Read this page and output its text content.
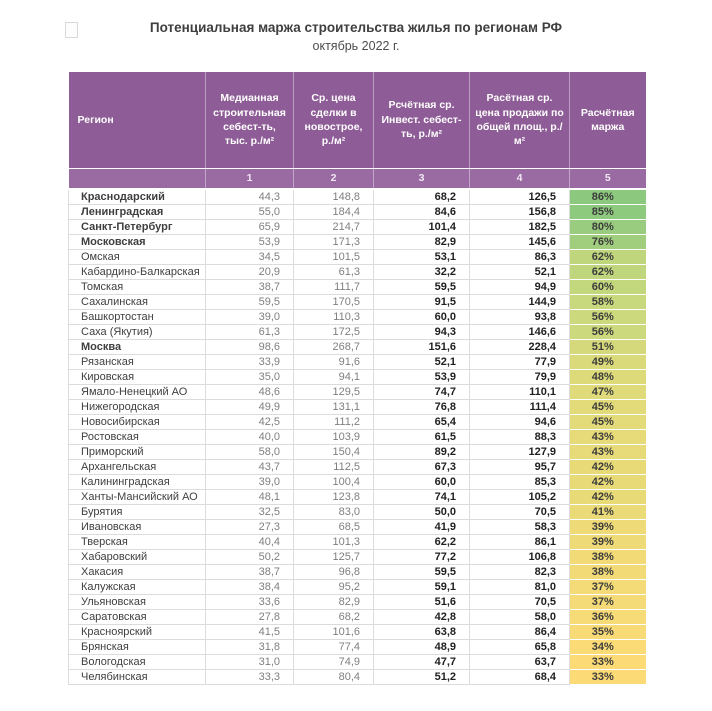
Потенциальная маржа строительства жилья по регионам РФ
октябрь 2022 г.
Регион	Медианная строительная себест-ть, тыс. р./м²	Ср. цена сделки в новострое, р./м²	Рсчётная ср. Инвест. себест-ть, р./м²	Расётная ср. цена продажи по общей площ., р./м²	Расчётная маржа
	1	2	3	4	5
Краснодарский	44,3	148,8	68,2	126,5	86%
Ленинградская	55,0	184,4	84,6	156,8	85%
Санкт-Петербург	65,9	214,7	101,4	182,5	80%
Московская	53,9	171,3	82,9	145,6	76%
Омская	34,5	101,5	53,1	86,3	62%
Кабардино-Балкарская	20,9	61,3	32,2	52,1	62%
Томская	38,7	111,7	59,5	94,9	60%
Сахалинская	59,5	170,5	91,5	144,9	58%
Башкортостан	39,0	110,3	60,0	93,8	56%
Саха (Якутия)	61,3	172,5	94,3	146,6	56%
Москва	98,6	268,7	151,6	228,4	51%
Рязанская	33,9	91,6	52,1	77,9	49%
Кировская	35,0	94,1	53,9	79,9	48%
Ямало-Ненецкий АО	48,6	129,5	74,7	110,1	47%
Нижегородская	49,9	131,1	76,8	111,4	45%
Новосибирская	42,5	111,2	65,4	94,6	45%
Ростовская	40,0	103,9	61,5	88,3	43%
Приморский	58,0	150,4	89,2	127,9	43%
Архангельская	43,7	112,5	67,3	95,7	42%
Калининградская	39,0	100,4	60,0	85,3	42%
Ханты-Мансийский АО	48,1	123,8	74,1	105,2	42%
Бурятия	32,5	83,0	50,0	70,5	41%
Ивановская	27,3	68,5	41,9	58,3	39%
Тверская	40,4	101,3	62,2	86,1	39%
Хабаровский	50,2	125,7	77,2	106,8	38%
Хакасия	38,7	96,8	59,5	82,3	38%
Калужская	38,4	95,2	59,1	81,0	37%
Ульяновская	33,6	82,9	51,6	70,5	37%
Саратовская	27,8	68,2	42,8	58,0	36%
Красноярский	41,5	101,6	63,8	86,4	35%
Брянская	31,8	77,4	48,9	65,8	34%
Вологодская	31,0	74,9	47,7	63,7	33%
Челябинская	33,3	80,4	51,2	68,4	33%
